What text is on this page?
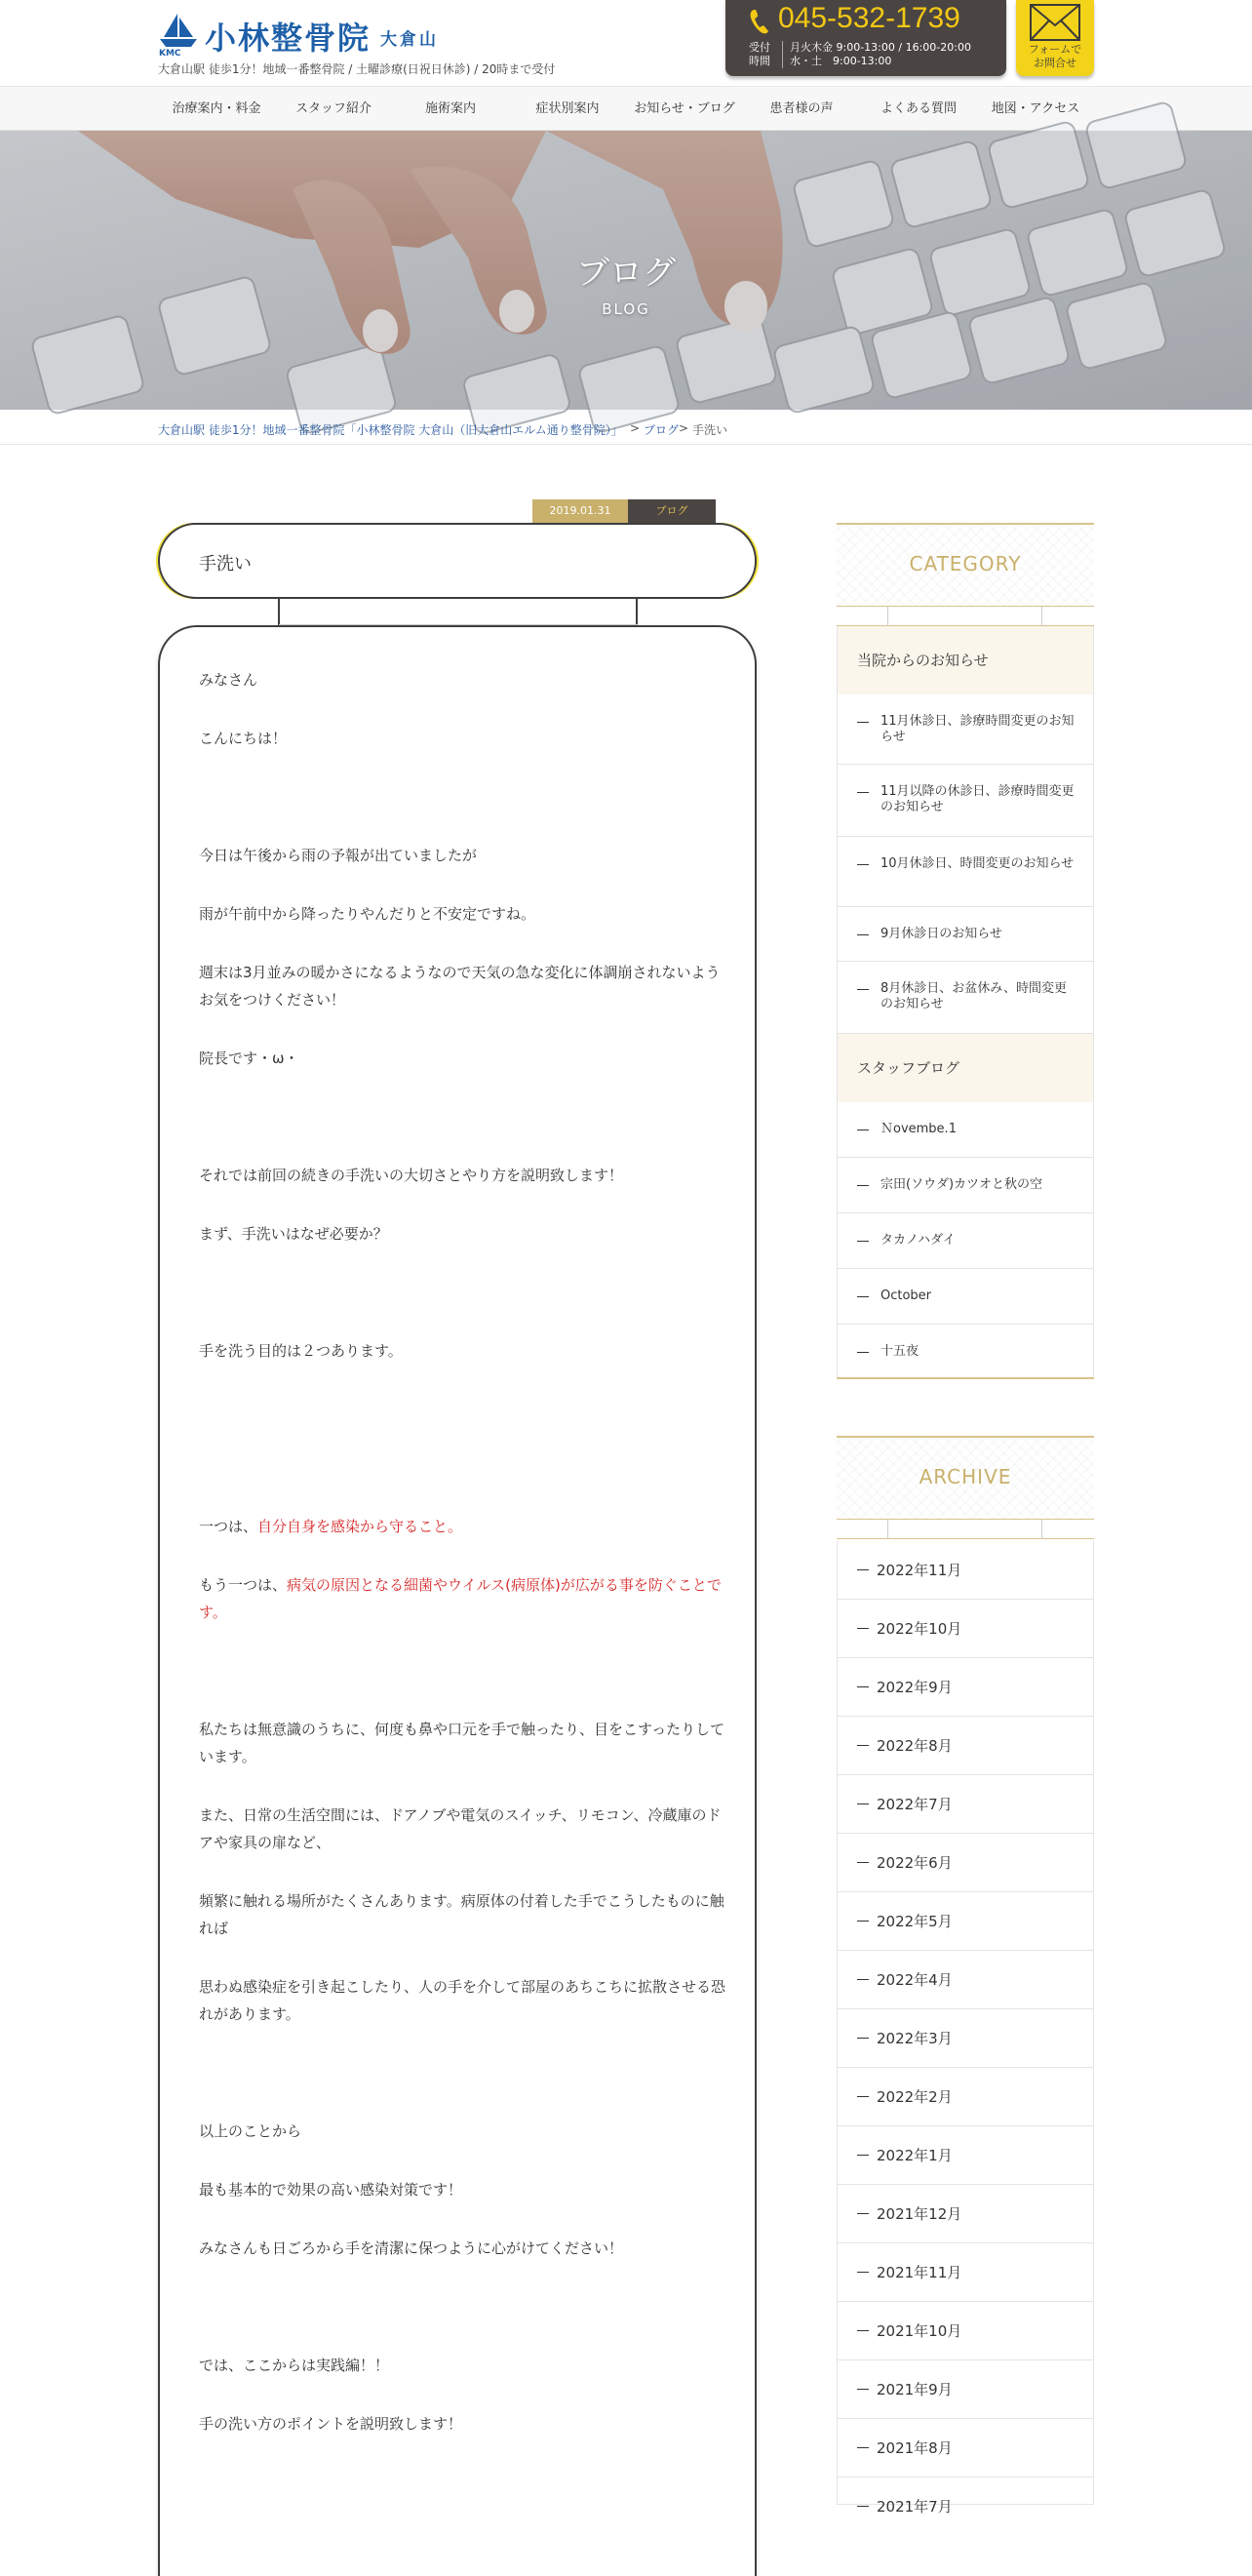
KMC 小林整骨院 大倉山
大倉山駅 徒歩1分！地域一番整骨院 / 土曜診療(日祝日休診) / 20時まで受付
045-532-1739
受付時間
月火木金 9:00-13:00 / 16:00-20:00
水・土　9:00-13:00
フォームで
お問合せ
治療案内・料金	スタッフ紹介	施術案内	症状別案内	お知らせ・ブログ	患者様の声	よくある質問	地図・アクセス
ブログ
BLOG
大倉山駅 徒歩1分！地域一番整骨院「小林整骨院 大倉山（旧大倉山エルム通り整骨院）」 > ブログ > 手洗い
2019.01.31	ブログ
手洗い

みなさん

こんにちは！

今日は午後から雨の予報が出ていましたが

雨が午前中から降ったりやんだりと不安定ですね。

週末は3月並みの暖かさになるようなので天気の急な変化に体調崩されないようお気をつけください！

院長です・ω・

それでは前回の続きの手洗いの大切さとやり方を説明致します！

まず、手洗いはなぜ必要か？

手を洗う目的は２つあります。

一つは、自分自身を感染から守ること。

もう一つは、病気の原因となる細菌やウイルス(病原体)が広がる事を防ぐことです。

私たちは無意識のうちに、何度も鼻や口元を手で触ったり、目をこすったりしています。

また、日常の生活空間には、ドアノブや電気のスイッチ、リモコン、冷蔵庫のドアや家具の扉など、

頻繁に触れる場所がたくさんあります。病原体の付着した手でこうしたものに触れば

思わぬ感染症を引き起こしたり、人の手を介して部屋のあちこちに拡散させる恐れがあります。

以上のことから

最も基本的で効果の高い感染対策です！

みなさんも日ごろから手を清潔に保つように心がけてください！

では、ここからは実践編！！

手の洗い方のポイントを説明致します！

CATEGORY
当院からのお知らせ
11月休診日、診療時間変更のお知らせ
11月以降の休診日、診療時間変更のお知らせ
10月休診日、時間変更のお知らせ
9月休診日のお知らせ
8月休診日、お盆休み、時間変更のお知らせ
スタッフブログ
Ｎovembe.1
宗田(ソウダ)カツオと秋の空
タカノハダイ
October
十五夜
ARCHIVE
2022年11月
2022年10月
2022年9月
2022年8月
2022年7月
2022年6月
2022年5月
2022年4月
2022年3月
2022年2月
2022年1月
2021年12月
2021年11月
2021年10月
2021年9月
2021年8月
2021年7月
